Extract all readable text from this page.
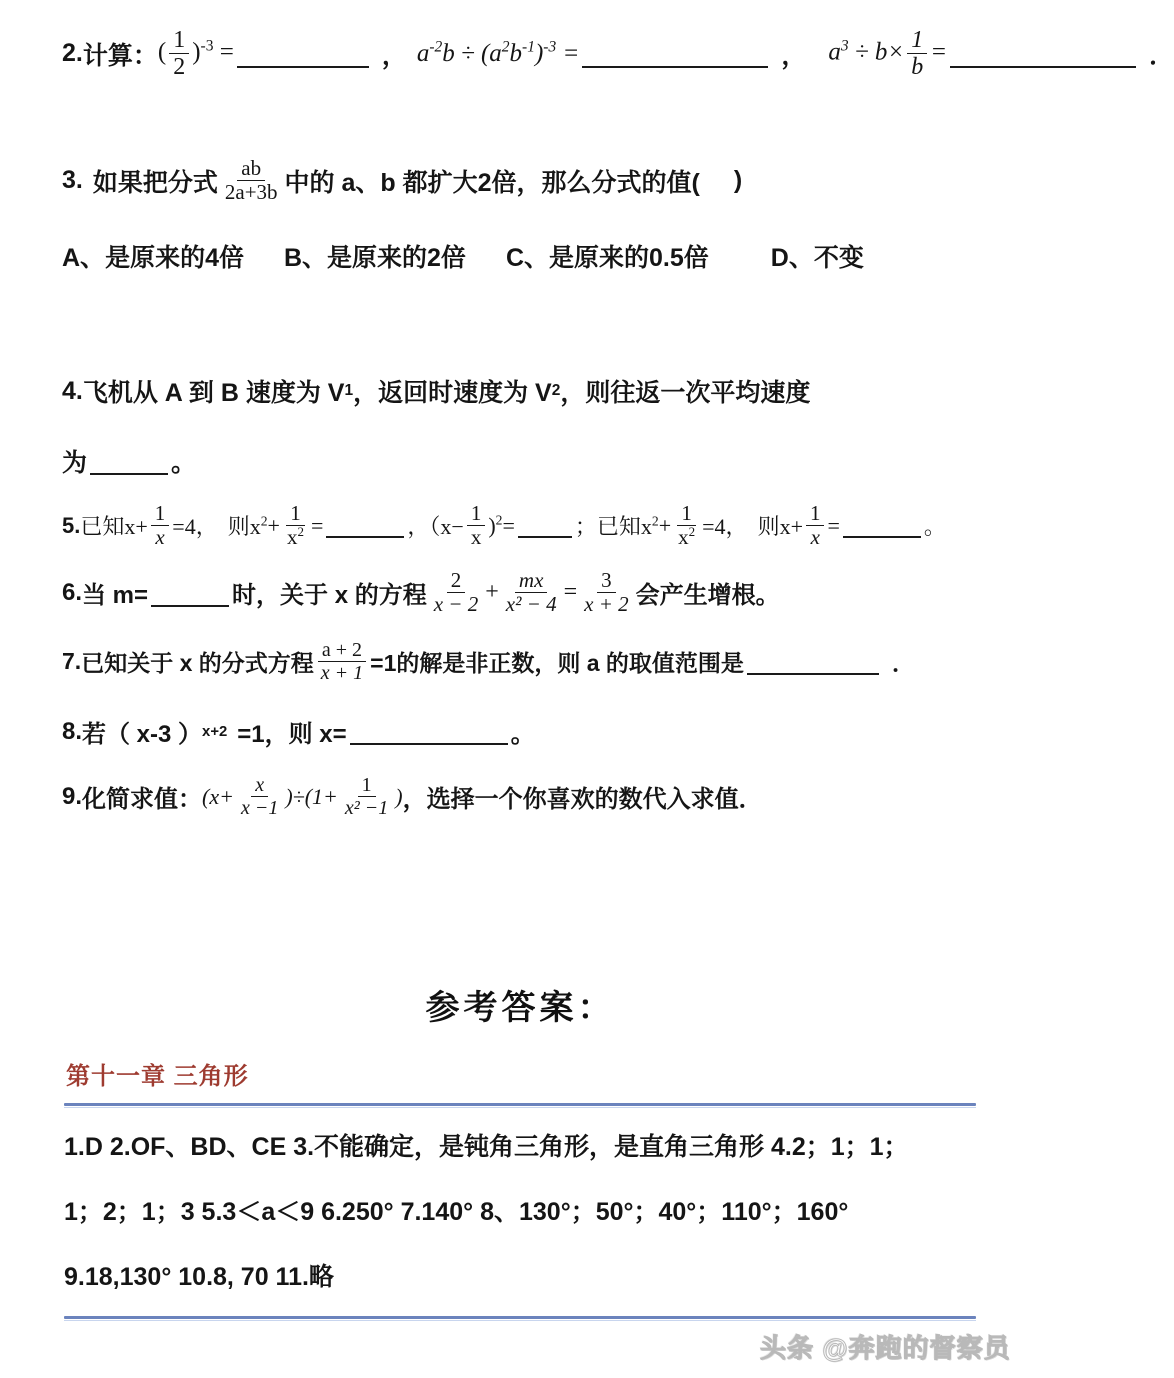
2. 计算： ( $\frac{1}{2} )^{-3}$ =	， $a^{-2}b \div (a^2b^{-1})^{-3}$ =	， $a^3 \div b\times \frac{1}{b}$ =	．
3. 如果把分式 $\frac{ab}{2a+3b}$ 中的 a、b 都扩大2倍，那么分式的值( )
A、是原来的4倍 B、是原来的2倍 C、是原来的0.5倍 D、不变
4. 飞机从 A 到 B 速度为 V 1 ，返回时速度为 V 2 ，则往返一次平均速度
为	。
5. 已知$x+ \frac{1}{x} =4$， 则$x^2 + \frac{1}{x^2}$ =	，$(x- \frac{1}{x} )^2$ =	；已知$x^2 + \frac{1}{x^2} =4$， 则$x+ \frac{1}{x}$ =	。
6. 当 m=	时，关于 x 的方程 $\frac{2}{x - 2} + \frac{mx}{\text{x² − 4}} = \frac{3}{x + 2}$ 会产生增根。
7. 已知关于 x 的分式方程 $\frac{a + 2}{x + 1} =1$的解是非正数，则 a 的取值范围是	．
8. 若（ x-3 ） x+2 =1，则 x=	。
9. 化简求值： $(x+ \frac{x}{x -1} )\div(1+ \frac{1}{\text{x² −1}}$ ) ，选择一个你喜欢的数代入求值．
参考答案：
第十一章 三角形
1.D 2.OF、BD、CE 3.不能确定，是钝角三角形，是直角三角形 4.2；1；1；
1；2；1；3 5.3＜a＜9 6.250° 7.140° 8、130°；50°；40°；110°；160°
9.18,130° 10.8, 70 11.略
头条 @奔跑的督察员
